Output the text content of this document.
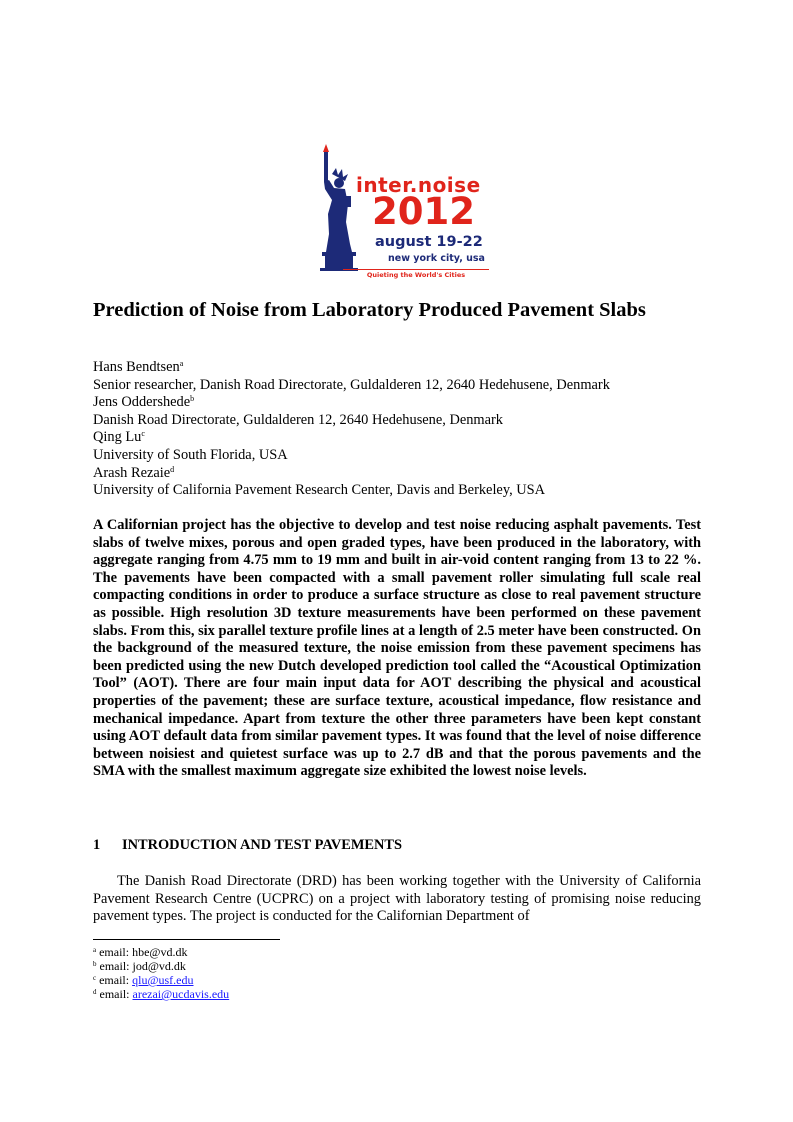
inter.noise
2012
august 19-22
new york city, usa
Quieting the World's Cities
Prediction of Noise from Laboratory Produced Pavement Slabs
Hans Bendtsen$^a$
Senior researcher, Danish Road Directorate, Guldalderen 12, 2640 Hedehusene, Denmark
Jens Oddershede$^b$
Danish Road Directorate, Guldalderen 12, 2640 Hedehusene, Denmark
Qing Lu$^c$
University of South Florida, USA
Arash Rezaie$^d$
University of California Pavement Research Center, Davis and Berkeley, USA

A Californian project has the objective to develop and test noise reducing asphalt pavements. Test slabs of twelve mixes, porous and open graded types, have been produced in the laboratory, with aggregate ranging from 4.75 mm to 19 mm and built in air-void content ranging from 13 to 22 %. The pavements have been compacted with a small pavement roller simulating full scale real compacting conditions in order to produce a surface structure as close to real pavement structure as possible. High resolution 3D texture measurements have been performed on these pavement slabs. From this, six parallel texture profile lines at a length of 2.5 meter have been constructed. On the background of the measured texture, the noise emission from these pavement specimens has been predicted using the new Dutch developed prediction tool called the “Acoustical Optimization Tool” (AOT). There are four main input data for AOT describing the physical and acoustical properties of the pavement; these are surface texture, acoustical impedance, flow resistance and mechanical impedance. Apart from texture the other three parameters have been kept constant using AOT default data from similar pavement types. It was found that the level of noise difference between noisiest and quietest surface was up to 2.7 dB and that the porous pavements and the SMA with the smallest maximum aggregate size exhibited the lowest noise levels.

1 INTRODUCTION AND TEST PAVEMENTS

The Danish Road Directorate (DRD) has been working together with the University of California Pavement Research Centre (UCPRC) on a project with laboratory testing of promising noise reducing pavement types. The project is conducted for the Californian Department of

$^a$ email: hbe@vd.dk
$^b$ email: jod@vd.dk
$^c$ email: qlu@usf.edu
$^d$ email: arezai@ucdavis.edu
